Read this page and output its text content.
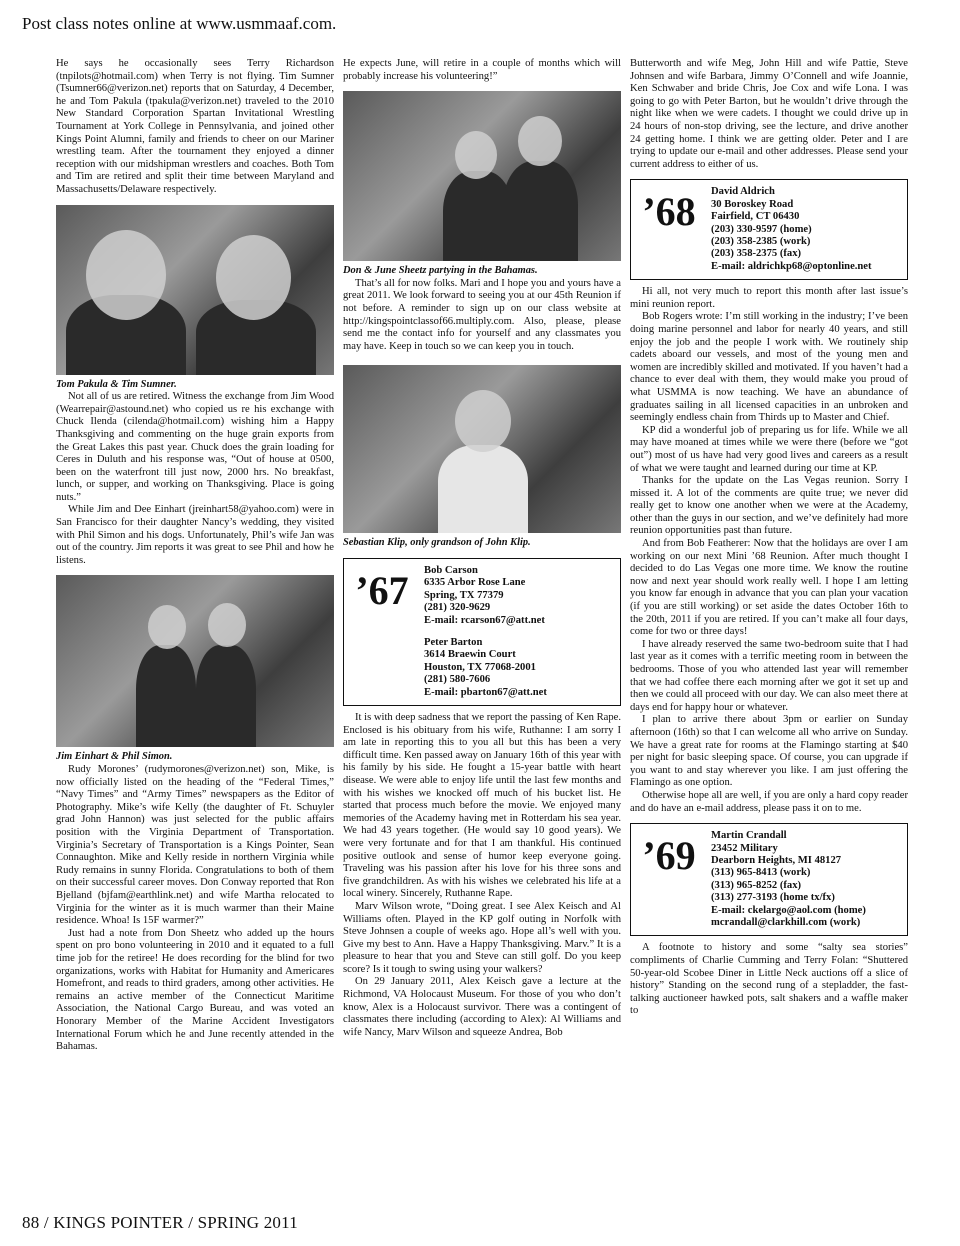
Post class notes online at www.usmmaaf.com.

He says he occasionally sees Terry Richardson (tnpilots@hotmail.com) when Terry is not flying. Tim Sumner (Tsumner66@verizon.net) reports that on Saturday, 4 December, he and Tom Pakula (tpakula@verizon.net) traveled to the 2010 New Standard Corporation Spartan Invitational Wrestling Tournament at York College in Pennsylvania, and joined other Kings Point Alumni, family and friends to cheer on our Mariner wrestling team. After the tournament they enjoyed a dinner reception with our midshipman wrestlers and coaches. Both Tom and Tim are retired and split their time between Maryland and Massachusetts/Delaware respectively.

Tom Pakula & Tim Sumner.

Not all of us are retired. Witness the exchange from Jim Wood (Wearrepair@astound.net) who copied us re his exchange with Chuck Ilenda (cilenda@hotmail.com) wishing him a Happy Thanksgiving and commenting on the huge grain exports from the Great Lakes this past year. Chuck does the grain loading for Ceres in Duluth and his response was, “Out of house at 0500, been on the waterfront till just now, 2000 hrs. No breakfast, lunch, or supper, and working on Thanksgiving. Place is going nuts.”

While Jim and Dee Einhart (jreinhart58@yahoo.com) were in San Francisco for their daughter Nancy’s wedding, they visited with Phil Simon and his dogs. Unfortunately, Phil’s wife Jan was out of the country. Jim reports it was great to see Phil and how he listens.

Jim Einhart & Phil Simon.

Rudy Morones’ (rudymorones@verizon.net) son, Mike, is now officially listed on the heading of the “Federal Times,” “Navy Times” and “Army Times” newspapers as the Editor of Photography. Mike’s wife Kelly (the daughter of Ft. Schuyler grad John Hannon) was just selected for the public affairs position with the Virginia Department of Transportation. Virginia’s Secretary of Transportation is a Kings Pointer, Sean Connaughton. Mike and Kelly reside in northern Virginia while Rudy remains in sunny Florida. Congratulations to both of them on their successful career moves. Don Conway reported that Ron Bjelland (bjfam@earthlink.net) and wife Martha relocated to Virginia for the winter as it is much warmer than their Maine residence. Whoa! Is 15F warmer?”

Just had a note from Don Sheetz who added up the hours spent on pro bono volunteering in 2010 and it equated to a full time job for the retiree! He does recording for the blind for two organizations, works with Habitat for Humanity and Americares Homefront, and reads to third graders, among other activities. He remains an active member of the Connecticut Maritime Association, the National Cargo Bureau, and was voted an Honorary Member of the Marine Accident Investigators International Forum which he and June recently attended in the Bahamas.

He expects June, will retire in a couple of months which will probably increase his volunteering!”

Don & June Sheetz partying in the Bahamas.

That’s all for now folks. Mari and I hope you and yours have a great 2011. We look forward to seeing you at our 45th Reunion if not before. A reminder to sign up on our class website at http://kingspointclassof66.multiply.com. Also, please, please send me the contact info for yourself and any classmates you may have. Keep in touch so we can keep you in touch.

Sebastian Klip, only grandson of John Klip.

’67	Bob Carson
6335 Arbor Rose Lane
Spring, TX 77379
(281) 320-9629
E-mail: rcarson67@att.net
Peter Barton
3614 Braewin Court
Houston, TX 77068-2001
(281) 580-7606
E-mail: pbarton67@att.net

It is with deep sadness that we report the passing of Ken Rape. Enclosed is his obituary from his wife, Ruthanne: I am sorry I am late in reporting this to you all but this has been a very difficult time. Ken passed away on January 16th of this year with his family by his side. He fought a 15-year battle with heart disease. We were able to enjoy life until the last few months and with his wishes we knocked off much of his bucket list. He started that process much before the movie. We enjoyed many memories of the Academy having met in Rotterdam his sea year. We had 43 years together. (He would say 10 good years). We were very fortunate and for that I am thankful. His continued positive outlook and sense of humor keep everyone going. Traveling was his passion after his love for his three sons and five grandchildren. As with his wishes we celebrated his life at a local winery. Sincerely, Ruthanne Rape.

Marv Wilson wrote, “Doing great. I see Alex Keisch and Al Williams often. Played in the KP golf outing in Norfolk with Steve Johnsen a couple of weeks ago. Hope all’s well with you. Give my best to Ann. Have a Happy Thanksgiving. Marv.” It is a pleasure to hear that you and Steve can still golf. Do you keep score? Is it tough to swing using your walkers?

On 29 January 2011, Alex Keisch gave a lecture at the Richmond, VA Holocaust Museum. For those of you who don’t know, Alex is a Holocaust survivor. There was a contingent of classmates there including (according to Alex): Al Williams and wife Nancy, Marv Wilson and squeeze Andrea, Bob

Butterworth and wife Meg, John Hill and wife Pattie, Steve Johnsen and wife Barbara, Jimmy O’Connell and wife Joannie, Ken Schwaber and bride Chris, Joe Cox and wife Lona. I was going to go with Peter Barton, but he wouldn’t drive through the night like when we were cadets. I thought we could drive up in 24 hours of non-stop driving, see the lecture, and drive another 24 getting home. I think we are getting older. Peter and I are trying to update our e-mail and other addresses. Please send your current address to either of us.

’68	David Aldrich
30 Boroskey Road
Fairfield, CT 06430
(203) 330-9597 (home)
(203) 358-2385 (work)
(203) 358-2375 (fax)
E-mail: aldrichkp68@optonline.net

Hi all, not very much to report this month after last issue’s mini reunion report.

Bob Rogers wrote: I’m still working in the industry; I’ve been doing marine personnel and labor for nearly 40 years, and still enjoy the job and the people I work with. We routinely ship cadets aboard our vessels, and most of the young men and women are incredibly skilled and motivated. If you haven’t had a chance to ever deal with them, they would make you proud of what USMMA is now teaching. We have an abundance of graduates sailing in all licensed capacities in an unbroken and seemingly endless chain from Thirds up to Master and Chief.

KP did a wonderful job of preparing us for life. While we all may have moaned at times while we were there (before we “got out”) most of us have had very good lives and careers as a result of what we were taught and learned during our time at KP.

Thanks for the update on the Las Vegas reunion. Sorry I missed it. A lot of the comments are quite true; we never did really get to know one another when we were at the Academy, other than the guys in our section, and we’ve definitely had more reunion opportunities past than future.

And from Bob Featherer: Now that the holidays are over I am working on our next Mini ’68 Reunion. After much thought I decided to do Las Vegas one more time. We know the routine now and next year should work really well. I hope I am letting you know far enough in advance that you can plan your vacation (if you are still working) or set aside the dates October 16th to the 20th, 2011 if you are retired. If you can’t make all four days, come for two or three days!

I have already reserved the same two-bedroom suite that I had last year as it comes with a terrific meeting room in between the bedrooms. Those of you who attended last year will remember that we had coffee there each morning after we got it set up and then we could all proceed with our day. We can also meet there at days end for happy hour or whatever.

I plan to arrive there about 3pm or earlier on Sunday afternoon (16th) so that I can welcome all who arrive on Sunday. We have a great rate for rooms at the Flamingo starting at $40 per night for basic sleeping space. Of course, you can upgrade if you want to and stay wherever you like. I am just offering the Flamingo as one option.

Otherwise hope all are well, if you are only a hard copy reader and do have an e-mail address, please pass it on to me.

’69	Martin Crandall
23452 Military
Dearborn Heights, MI 48127
(313) 965-8413 (work)
(313) 965-8252 (fax)
(313) 277-3193 (home tx/fx)
E-mail: ckelargo@aol.com (home)
mcrandall@clarkhill.com (work)

A footnote to history and some “salty sea stories” compliments of Charlie Cumming and Terry Folan: “Shuttered 50-year-old Scobee Diner in Little Neck auctions off a slice of history” Standing on the second rung of a stepladder, the fast-talking auctioneer hawked pots, salt shakers and a waffle maker to

88 / KINGS POINTER / SPRING 2011
